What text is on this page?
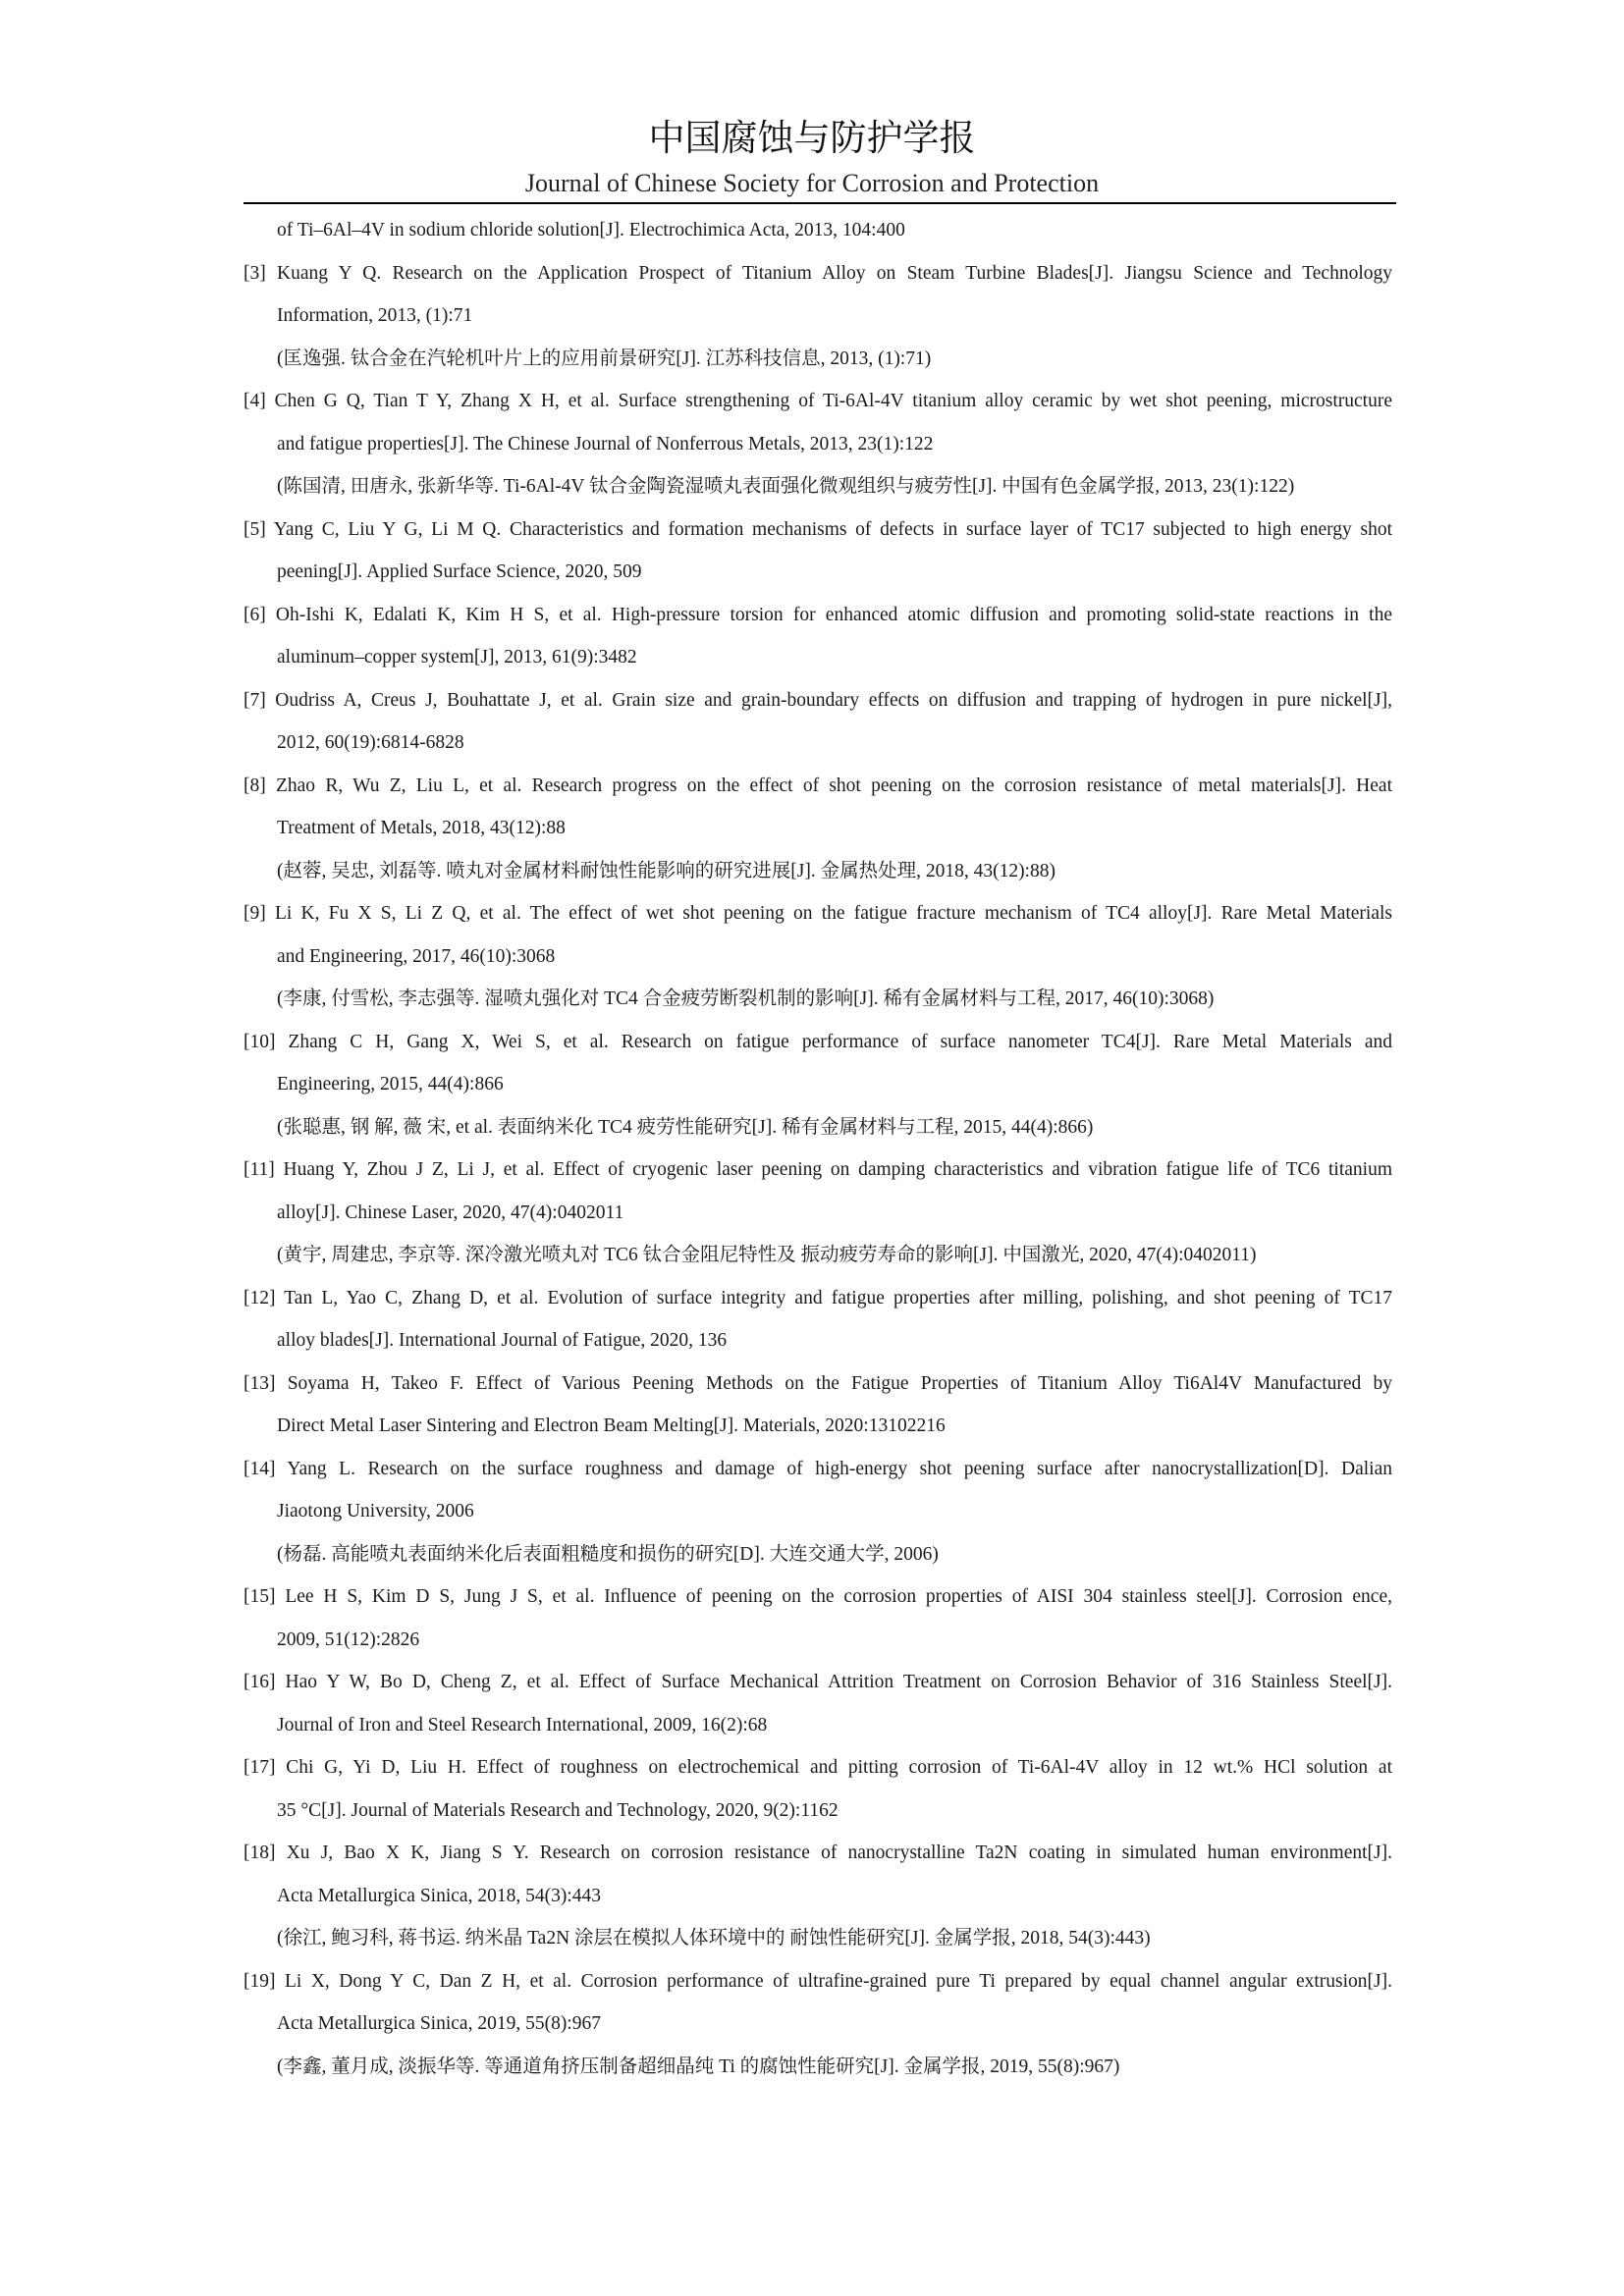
中国腐蚀与防护学报
Journal of Chinese Society for Corrosion and Protection
of Ti–6Al–4V in sodium chloride solution[J]. Electrochimica Acta, 2013, 104:400
[3] Kuang Y Q. Research on the Application Prospect of Titanium Alloy on Steam Turbine Blades[J]. Jiangsu Science and Technology
Information, 2013, (1):71
(匡逸强. 钛合金在汽轮机叶片上的应用前景研究[J]. 江苏科技信息, 2013, (1):71)
[4] Chen G Q, Tian T Y, Zhang X H, et al. Surface strengthening of Ti-6Al-4V titanium alloy ceramic by wet shot peening, microstructure
and fatigue properties[J]. The Chinese Journal of Nonferrous Metals, 2013, 23(1):122
(陈国清, 田唐永, 张新华等. Ti-6Al-4V 钛合金陶瓷湿喷丸表面强化微观组织与疲劳性[J]. 中国有色金属学报, 2013, 23(1):122)
[5] Yang C, Liu Y G, Li M Q. Characteristics and formation mechanisms of defects in surface layer of TC17 subjected to high energy shot
peening[J]. Applied Surface Science, 2020, 509
[6] Oh-Ishi K, Edalati K, Kim H S, et al. High-pressure torsion for enhanced atomic diffusion and promoting solid-state reactions in the
aluminum–copper system[J], 2013, 61(9):3482
[7] Oudriss A, Creus J, Bouhattate J, et al. Grain size and grain-boundary effects on diffusion and trapping of hydrogen in pure nickel[J],
2012, 60(19):6814-6828
[8] Zhao R, Wu Z, Liu L, et al. Research progress on the effect of shot peening on the corrosion resistance of metal materials[J]. Heat
Treatment of Metals, 2018, 43(12):88
(赵蓉, 吴忠, 刘磊等. 喷丸对金属材料耐蚀性能影响的研究进展[J]. 金属热处理, 2018, 43(12):88)
[9] Li K, Fu X S, Li Z Q, et al. The effect of wet shot peening on the fatigue fracture mechanism of TC4 alloy[J]. Rare Metal Materials
and Engineering, 2017, 46(10):3068
(李康, 付雪松, 李志强等. 湿喷丸强化对 TC4 合金疲劳断裂机制的影响[J]. 稀有金属材料与工程, 2017, 46(10):3068)
[10] Zhang C H, Gang X, Wei S, et al. Research on fatigue performance of surface nanometer TC4[J]. Rare Metal Materials and
Engineering, 2015, 44(4):866
(张聪惠, 钢 解, 薇 宋, et al. 表面纳米化 TC4 疲劳性能研究[J]. 稀有金属材料与工程, 2015, 44(4):866)
[11] Huang Y, Zhou J Z, Li J, et al. Effect of cryogenic laser peening on damping characteristics and vibration fatigue life of TC6 titanium
alloy[J]. Chinese Laser, 2020, 47(4):0402011
(黄宇, 周建忠, 李京等. 深冷激光喷丸对 TC6 钛合金阻尼特性及 振动疲劳寿命的影响[J]. 中国激光, 2020, 47(4):0402011)
[12] Tan L, Yao C, Zhang D, et al. Evolution of surface integrity and fatigue properties after milling, polishing, and shot peening of TC17
alloy blades[J]. International Journal of Fatigue, 2020, 136
[13] Soyama H, Takeo F. Effect of Various Peening Methods on the Fatigue Properties of Titanium Alloy Ti6Al4V Manufactured by
Direct Metal Laser Sintering and Electron Beam Melting[J]. Materials, 2020:13102216
[14] Yang L. Research on the surface roughness and damage of high-energy shot peening surface after nanocrystallization[D]. Dalian
Jiaotong University, 2006
(杨磊. 高能喷丸表面纳米化后表面粗糙度和损伤的研究[D]. 大连交通大学, 2006)
[15] Lee H S, Kim D S, Jung J S, et al. Influence of peening on the corrosion properties of AISI 304 stainless steel[J]. Corrosion ence,
2009, 51(12):2826
[16] Hao Y W, Bo D, Cheng Z, et al. Effect of Surface Mechanical Attrition Treatment on Corrosion Behavior of 316 Stainless Steel[J].
Journal of Iron and Steel Research International, 2009, 16(2):68
[17] Chi G, Yi D, Liu H. Effect of roughness on electrochemical and pitting corrosion of Ti-6Al-4V alloy in 12 wt.% HCl solution at
35 °C[J]. Journal of Materials Research and Technology, 2020, 9(2):1162
[18] Xu J, Bao X K, Jiang S Y. Research on corrosion resistance of nanocrystalline Ta2N coating in simulated human environment[J].
Acta Metallurgica Sinica, 2018, 54(3):443
(徐江, 鲍习科, 蒋书运. 纳米晶 Ta2N 涂层在模拟人体环境中的 耐蚀性能研究[J]. 金属学报, 2018, 54(3):443)
[19] Li X, Dong Y C, Dan Z H, et al. Corrosion performance of ultrafine-grained pure Ti prepared by equal channel angular extrusion[J].
Acta Metallurgica Sinica, 2019, 55(8):967
(李鑫, 董月成, 淡振华等. 等通道角挤压制备超细晶纯 Ti 的腐蚀性能研究[J]. 金属学报, 2019, 55(8):967)
